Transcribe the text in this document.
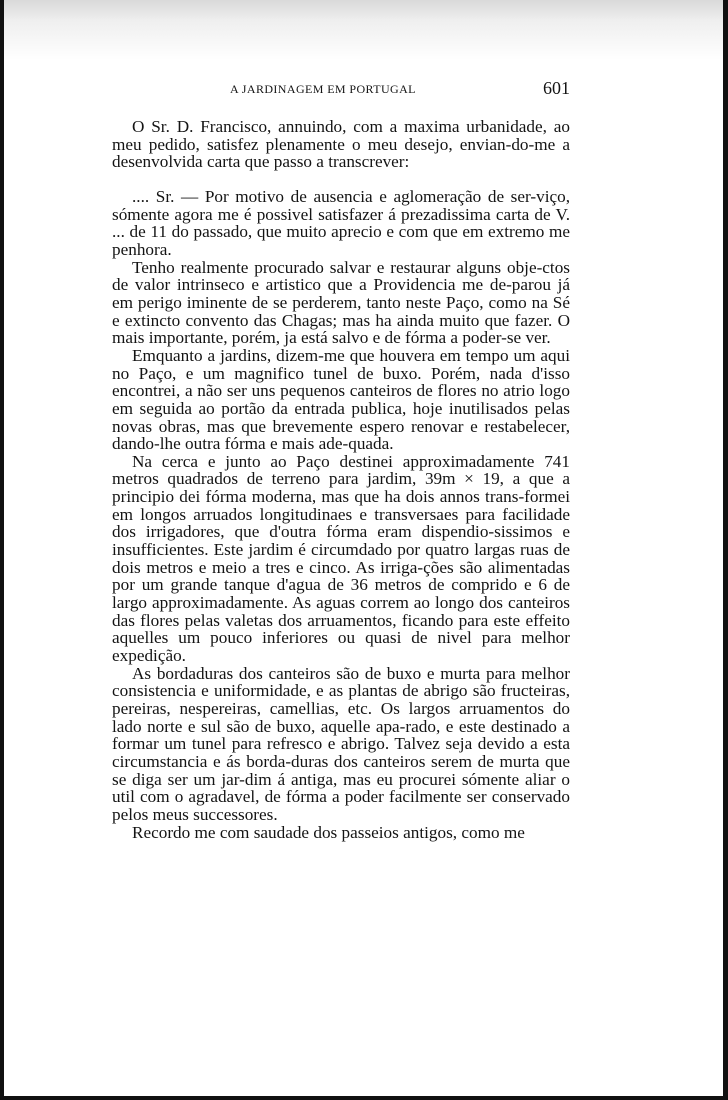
A JARDINAGEM EM PORTUGAL	601

O Sr. D. Francisco, annuindo, com a maxima urbanidade, ao meu pedido, satisfez plenamente o meu desejo, envian-do-me a desenvolvida carta que passo a transcrever:

.... Sr. — Por motivo de ausencia e aglomeração de ser-viço, sómente agora me é possivel satisfazer á prezadissima carta de V. ... de 11 do passado, que muito aprecio e com que em extremo me penhora.

Tenho realmente procurado salvar e restaurar alguns obje-ctos de valor intrinseco e artistico que a Providencia me de-parou já em perigo iminente de se perderem, tanto neste Paço, como na Sé e extincto convento das Chagas; mas ha ainda muito que fazer. O mais importante, porém, ja está salvo e de fórma a poder-se ver.

Emquanto a jardins, dizem-me que houvera em tempo um aqui no Paço, e um magnifico tunel de buxo. Porém, nada d'isso encontrei, a não ser uns pequenos canteiros de flores no atrio logo em seguida ao portão da entrada publica, hoje inutilisados pelas novas obras, mas que brevemente espero renovar e restabelecer, dando-lhe outra fórma e mais ade-quada.

Na cerca e junto ao Paço destinei approximadamente 741 metros quadrados de terreno para jardim, 39m × 19, a que a principio dei fórma moderna, mas que ha dois annos trans-formei em longos arruados longitudinaes e transversaes para facilidade dos irrigadores, que d'outra fórma eram dispendio-sissimos e insufficientes. Este jardim é circumdado por quatro largas ruas de dois metros e meio a tres e cinco. As irriga-ções são alimentadas por um grande tanque d'agua de 36 metros de comprido e 6 de largo approximadamente. As aguas correm ao longo dos canteiros das flores pelas valetas dos arruamentos, ficando para este effeito aquelles um pouco inferiores ou quasi de nivel para melhor expedição.

As bordaduras dos canteiros são de buxo e murta para melhor consistencia e uniformidade, e as plantas de abrigo são fructeiras, pereiras, nespereiras, camellias, etc. Os largos arruamentos do lado norte e sul são de buxo, aquelle apa-rado, e este destinado a formar um tunel para refresco e abrigo. Talvez seja devido a esta circumstancia e ás borda-duras dos canteiros serem de murta que se diga ser um jar-dim á antiga, mas eu procurei sómente aliar o util com o agradavel, de fórma a poder facilmente ser conservado pelos meus successores.

Recordo me com saudade dos passeios antigos, como me
